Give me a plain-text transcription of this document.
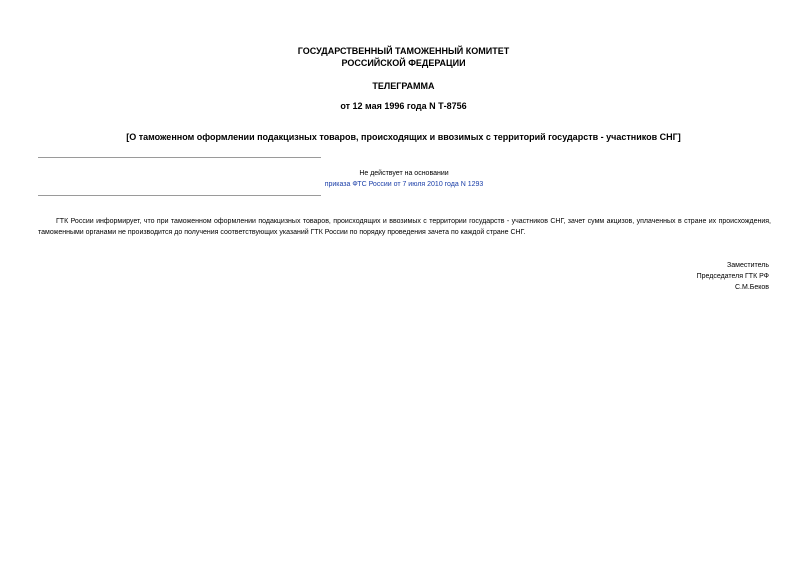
ГОСУДАРСТВЕННЫЙ ТАМОЖЕННЫЙ КОМИТЕТ
РОССИЙСКОЙ ФЕДЕРАЦИИ
ТЕЛЕГРАММА
от 12 мая 1996 года N Т-8756
[О таможенном оформлении подакцизных товаров, происходящих и ввозимых с территорий государств - участников СНГ]
Не действует на основании
приказа ФТС России от 7 июля 2010 года N 1293
ГТК России информирует, что при таможенном оформлении подакцизных товаров, происходящих и ввозимых с территории государств - участников СНГ, зачет сумм акцизов, уплаченных в стране их происхождения, таможенными органами не производится до получения соответствующих указаний ГТК России по порядку проведения зачета по каждой стране СНГ.
Заместитель
Председателя ГТК РФ
С.М.Беков
